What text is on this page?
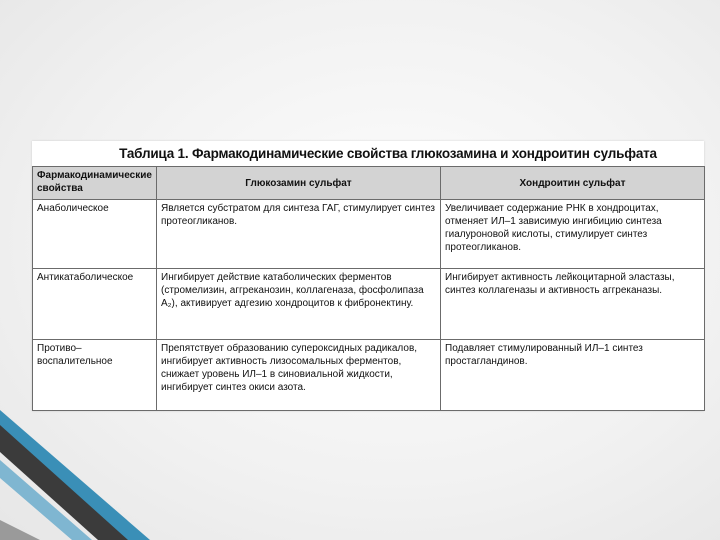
Таблица 1. Фармакодинамические свойства глюкозамина и хондроитин сульфата
Фармакодинамические свойства	Глюкозамин сульфат	Хондроитин сульфат
Анаболическое	Является субстратом для синтеза ГАГ, стимулирует синтез протеогликанов.	Увеличивает содержание РНК в хондроцитах, отменяет ИЛ–1 зависимую ингибицию синтеза гиалуроновой кислоты, стимулирует синтез протеогликанов.
Антикатаболическое	Ингибирует действие катаболических ферментов (стромелизин, аггреканозин, коллагеназа, фосфолипаза A₂), активирует адгезию хондроцитов к фибронектину.	Ингибирует активность лейкоцитарной эластазы, синтез коллагеназы и активность аггреканазы.
Противо–воспалительное	Препятствует образованию супероксидных радикалов, ингибирует активность лизосомальных ферментов, снижает уровень ИЛ–1 в синовиальной жидкости, ингибирует синтез окиси азота.	Подавляет стимулированный ИЛ–1 синтез простагландинов.
